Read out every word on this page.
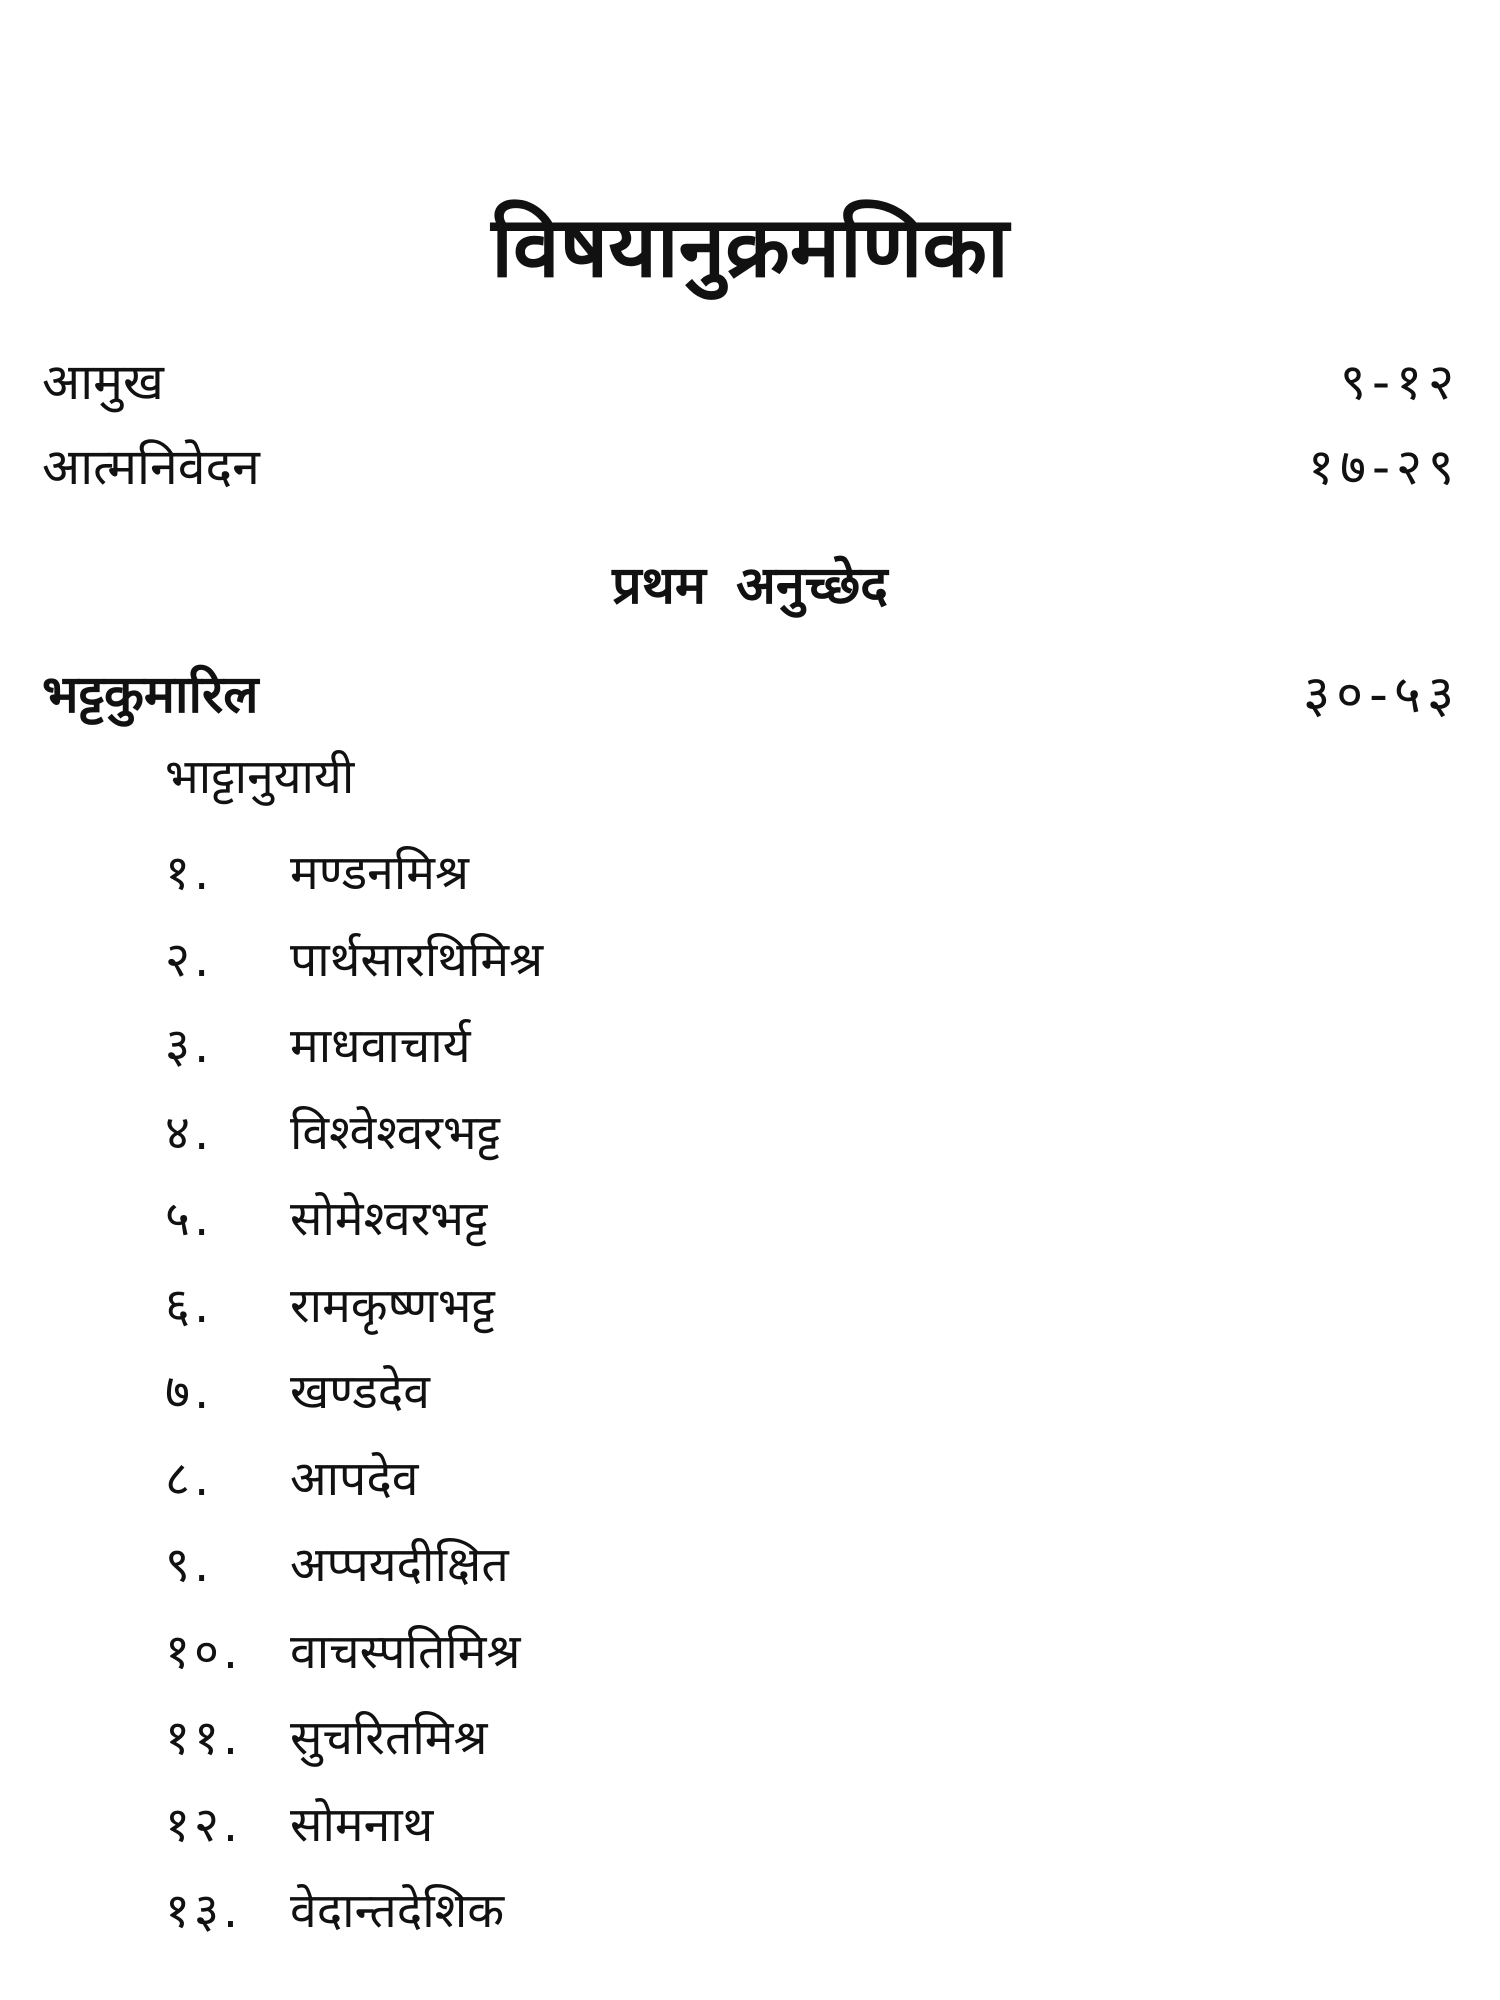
विषयानुक्रमणिका
आमुख	९-१२
आत्मनिवेदन	१७-२९
प्रथम अनुच्छेद
भट्टकुमारिल	३०-५३
भाट्टानुयायी
१. मण्डनमिश्र
२. पार्थसारथिमिश्र
३. माधवाचार्य
४. विश्वेश्वरभट्ट
५. सोमेश्वरभट्ट
६. रामकृष्णभट्ट
७. खण्डदेव
८. आपदेव
९. अप्पयदीक्षित
१०. वाचस्पतिमिश्र
११. सुचरितमिश्र
१२. सोमनाथ
१३. वेदान्तदेशिक
